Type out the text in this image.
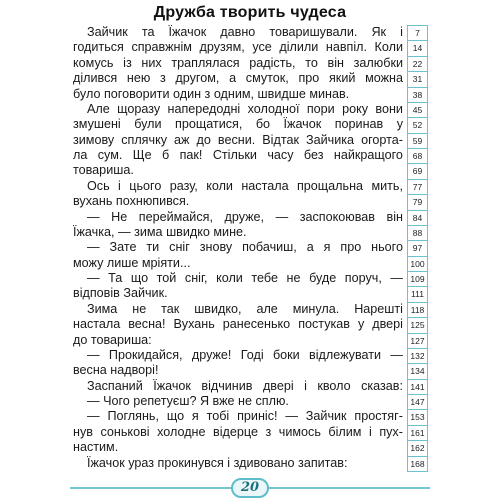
Дружба творить чудеса
Зайчик та Їжачок давно товаришували. Як і
годиться справжнім друзям, усе ділили навпіл. Коли
комусь із них траплялася радість, то він залюбки
ділився нею з другом, а смуток, про який можна
було поговорити один з одним, швидше минав.
Але щоразу напередодні холодної пори року вони
змушені були прощатися, бо Їжачок поринав у
зимову сплячку аж до весни. Відтак Зайчика огорта-
ла сум. Ще б пак! Стільки часу без найкращого
товариша.
Ось і цього разу, коли настала прощальна мить,
вухань похнюпився.
— Не переймайся, друже, — заспокоював він
Їжачка, — зима швидко мине.
— Зате ти сніг знову побачиш, а я про нього
можу лише мріяти...
— Та що той сніг, коли тебе не буде поруч, —
відповів Зайчик.
Зима не так швидко, але минула. Нарешті
настала весна! Вухань ранесенько постукав у двері
до товариша:
— Прокидайся, друже! Годі боки відлежувати —
весна надворі!
Заспаний Їжачок відчинив двері і кволо сказав:
— Чого репетуєш? Я вже не сплю.
— Поглянь, що я тобі приніс! — Зайчик простяг-
нув сонькові холодне відерце з чимось білим і пух-
настим.
Їжачок ураз прокинувся і здивовано запитав:
7
14
22
31
38
45
52
59
68
69
77
79
84
88
97
100
109
111
118
125
127
132
134
141
147
153
161
162
168
20
